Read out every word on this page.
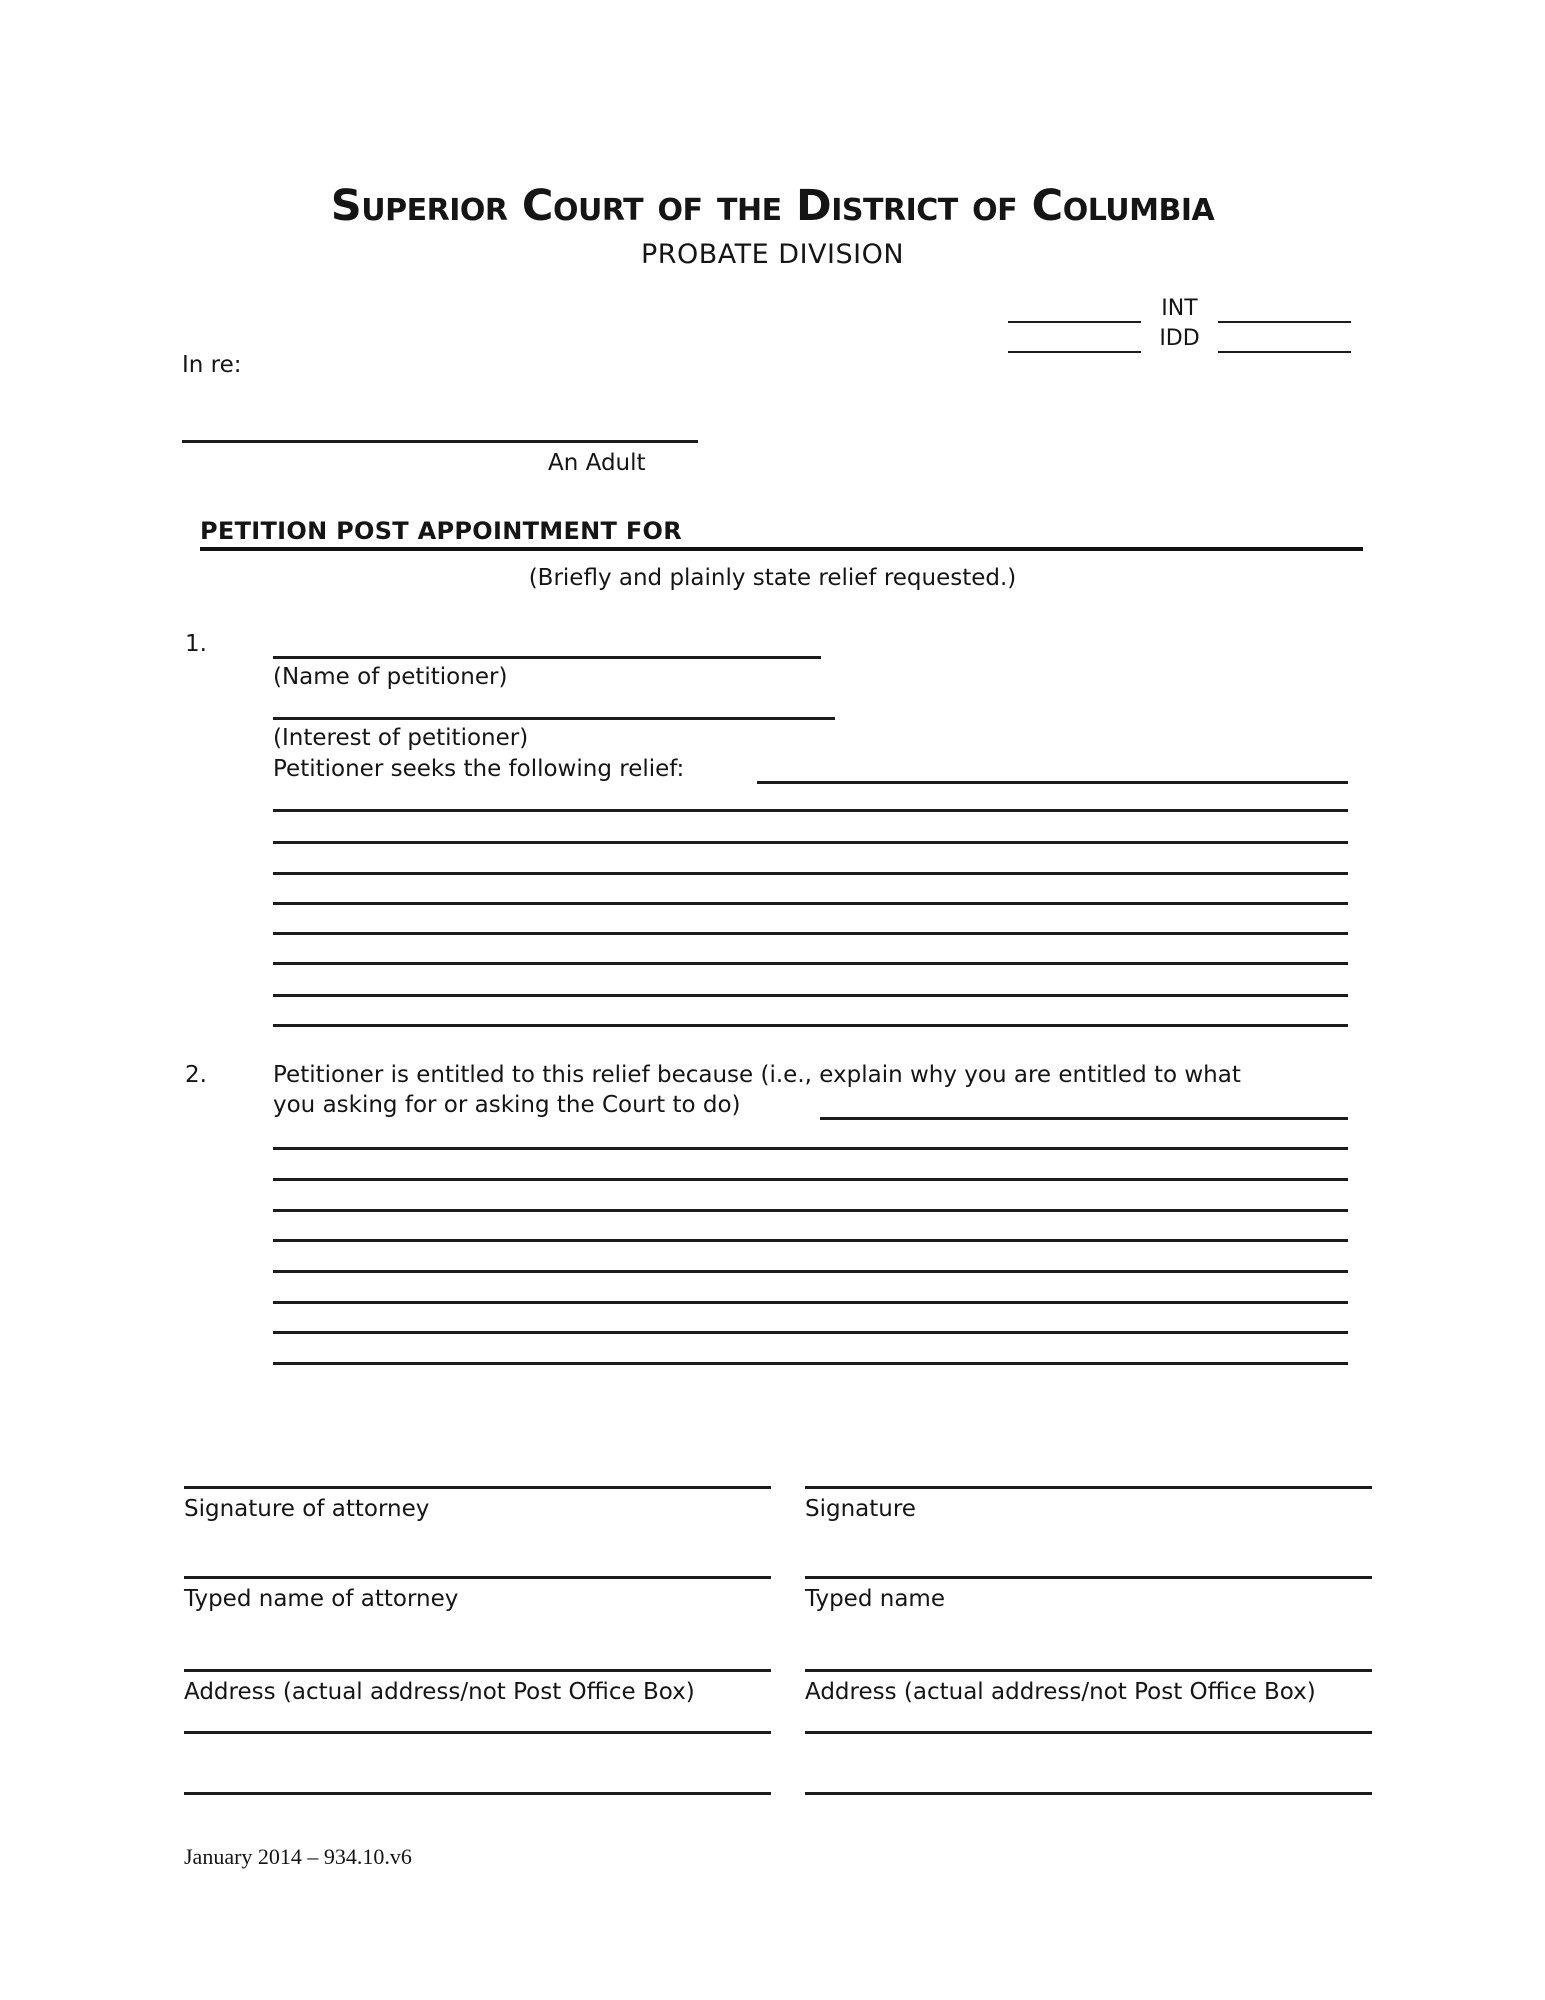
Superior Court of the District of Columbia
PROBATE DIVISION
INT
IDD
In re:
An Adult
PETITION POST APPOINTMENT FOR
(Briefly and plainly state relief requested.)
1.
(Name of petitioner)
(Interest of petitioner)
Petitioner seeks the following relief:
2.	Petitioner is entitled to this relief because (i.e., explain why you are entitled to what
you asking for or asking the Court to do)
Signature of attorney	Signature
Typed name of attorney	Typed name
Address (actual address/not Post Office Box)	Address (actual address/not Post Office Box)
January 2014 – 934.10.v6
